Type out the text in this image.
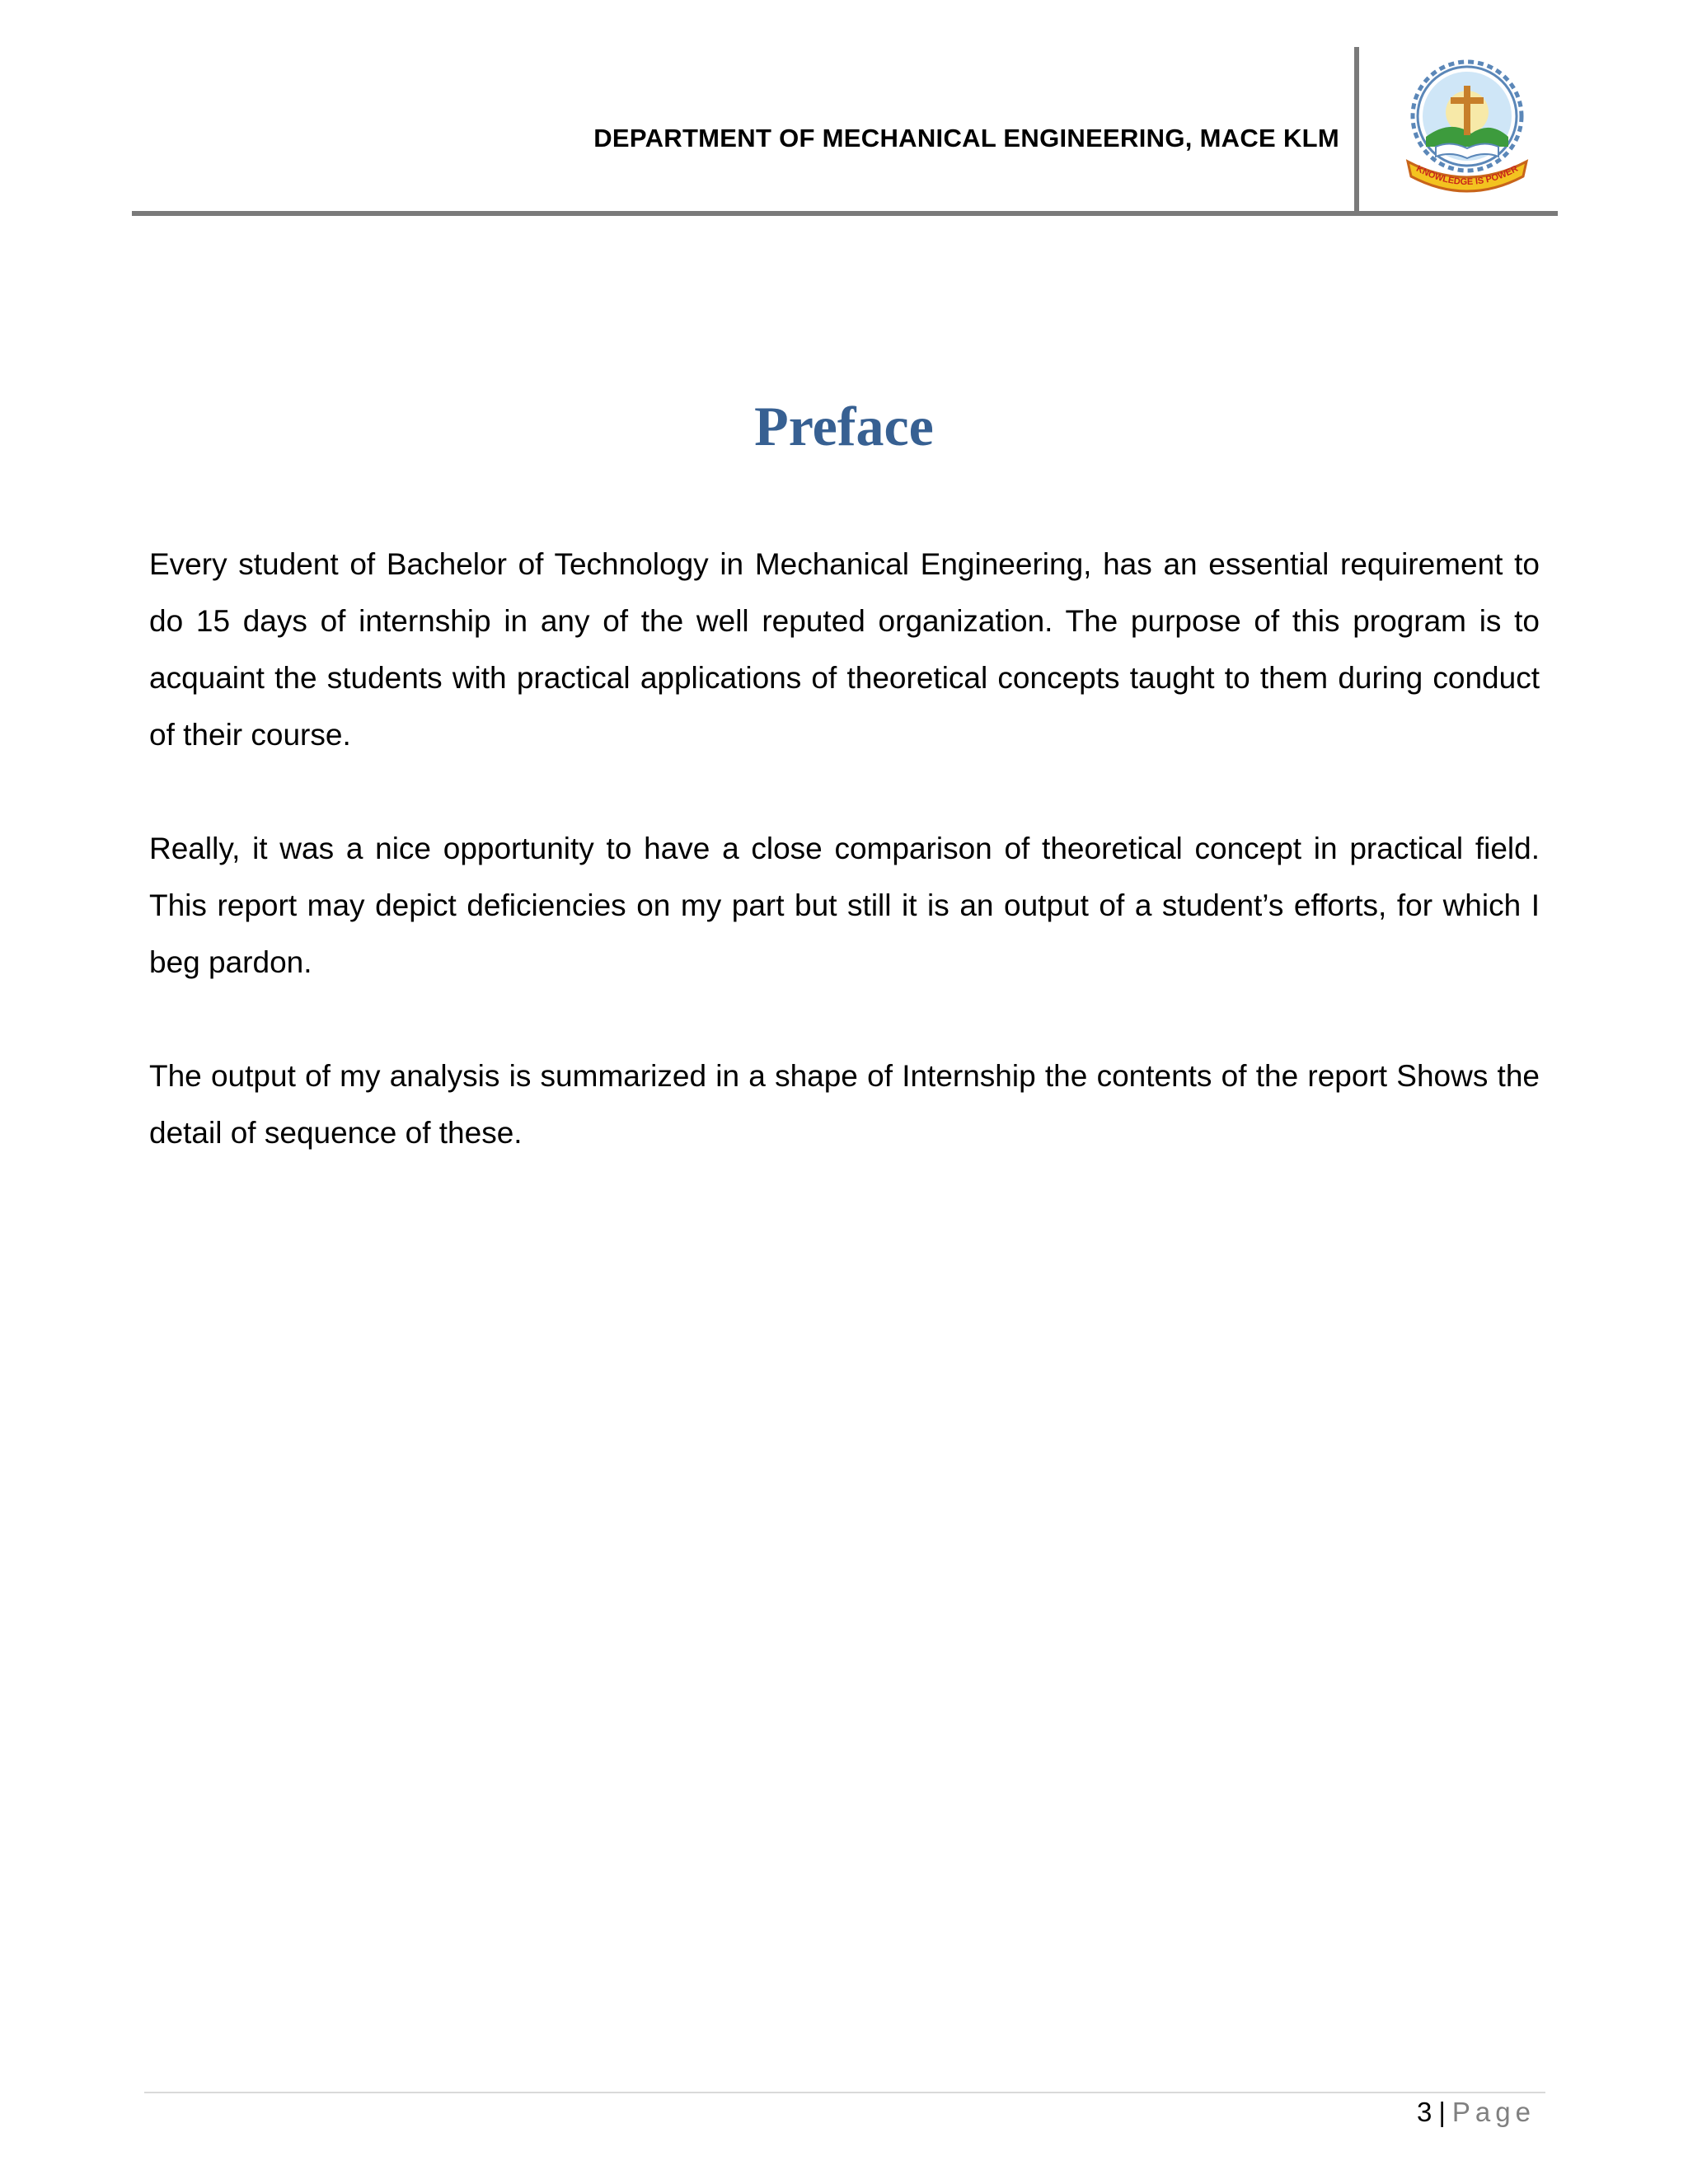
DEPARTMENT OF MECHANICAL ENGINEERING, MACE KLM
KNOWLEDGE IS POWER
Preface

Every student of Bachelor of Technology in Mechanical Engineering, has an essential requirement to do 15 days of internship in any of the well reputed organization. The purpose of this program is to acquaint the students with practical applications of theoretical concepts taught to them during conduct of their course.

Really, it was a nice opportunity to have a close comparison of theoretical concept in practical field. This report may depict deficiencies on my part but still it is an output of a student’s efforts, for which I beg pardon.

The output of my analysis is summarized in a shape of Internship the contents of the report Shows the detail of sequence of these.

3 | Page
